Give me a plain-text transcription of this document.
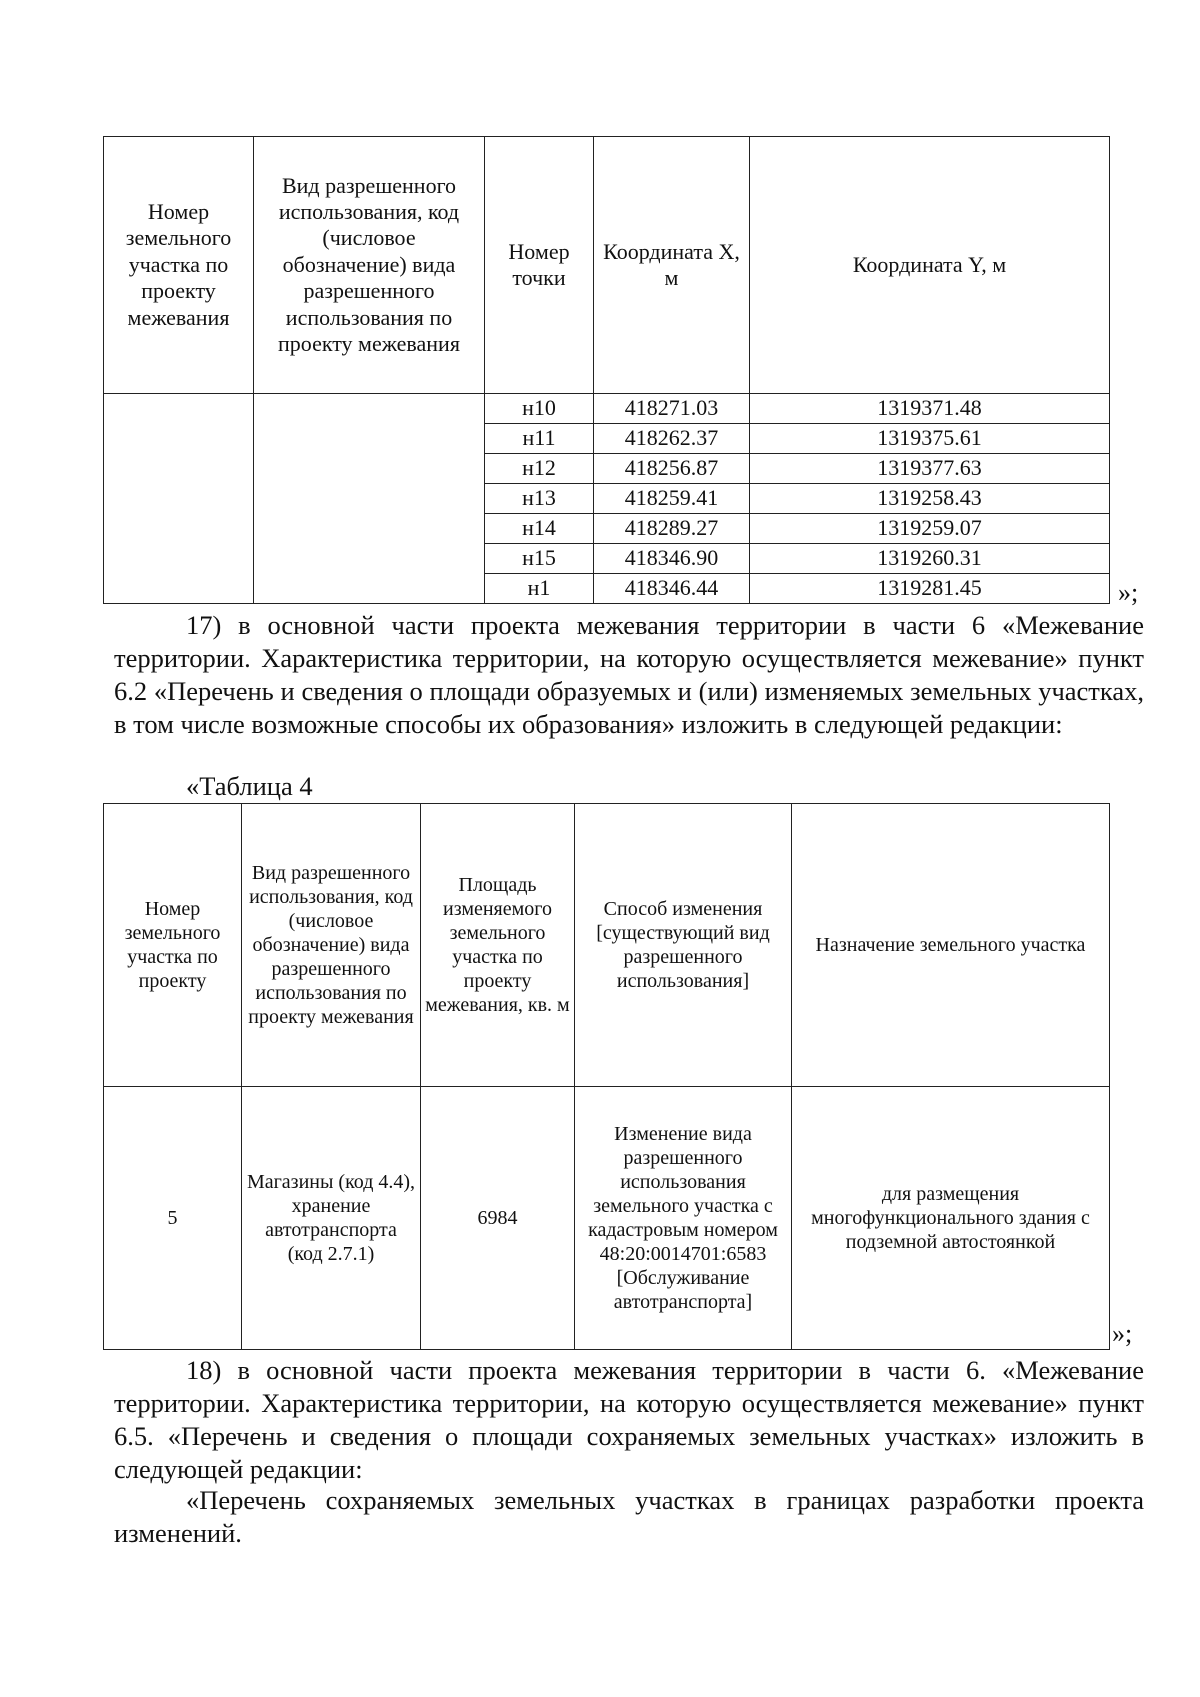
Номер земельного участка по проекту межевания	Вид разрешенного использования, код (числовое обозначение) вида разрешенного использования по проекту межевания	Номер точки	Координата X, м	Координата Y, м
		н10	418271.03	1319371.48
		н11	418262.37	1319375.61
		н12	418256.87	1319377.63
		н13	418259.41	1319258.43
		н14	418289.27	1319259.07
		н15	418346.90	1319260.31
		н1	418346.44	1319281.45	»;
17) в основной части проекта межевания территории в части 6 «Межевание территории. Характеристика территории, на которую осуществляется межевание» пункт 6.2 «Перечень и сведения о площади образуемых и (или) изменяемых земельных участках, в том числе возможные способы их образования» изложить в следующей редакции:
«Таблица 4
Номер земельного участка по проекту	Вид разрешенного использования, код (числовое обозначение) вида разрешенного использования по проекту межевания	Площадь изменяемого земельного участка по проекту межевания, кв. м	Способ изменения [существующий вид разрешенного использования]	Назначение земельного участка
5	Магазины (код 4.4), хранение автотранспорта (код 2.7.1)	6984	Изменение вида разрешенного использования земельного участка с кадастровым номером 48:20:0014701:6583 [Обслуживание автотранспорта]	для размещения многофункционального здания с подземной автостоянкой
»;
18) в основной части проекта межевания территории в части 6. «Межевание территории. Характеристика территории, на которую осуществляется межевание» пункт 6.5. «Перечень и сведения о площади сохраняемых земельных участках» изложить в следующей редакции:
«Перечень сохраняемых земельных участках в границах разработки проекта изменений.
